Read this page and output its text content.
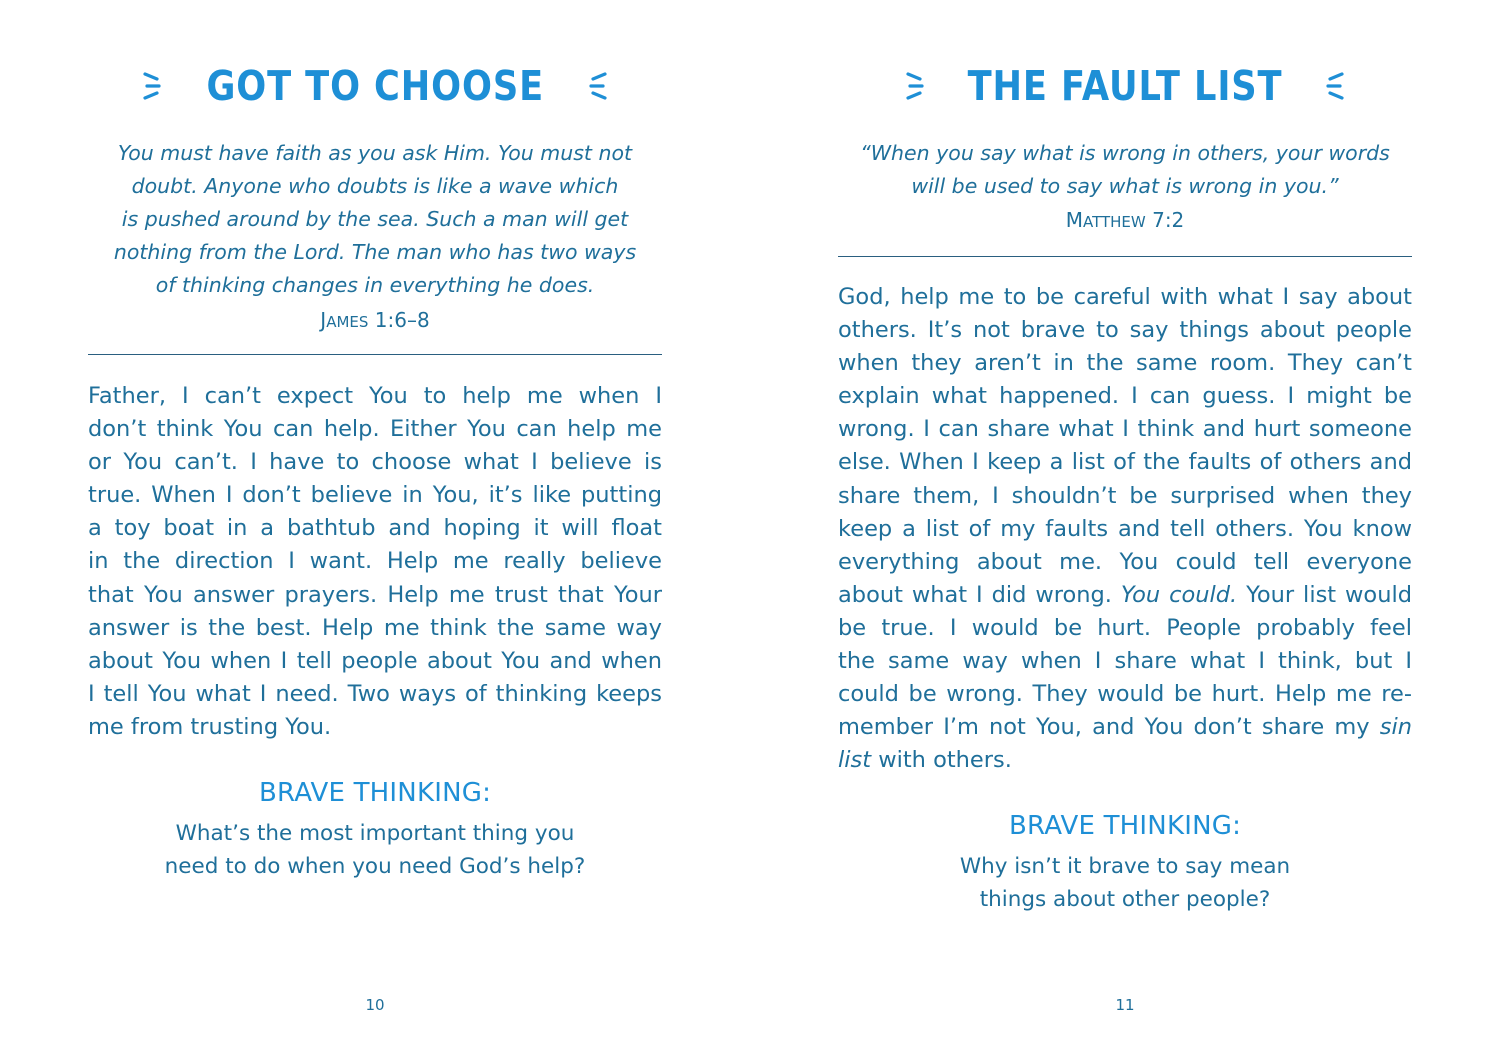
GOT TO CHOOSE

You must have faith as you ask Him. You must not

doubt. Anyone who doubts is like a wave which

is pushed around by the sea. Such a man will get

nothing from the Lord. The man who has two ways

of thinking changes in everything he does.

JAMES 1:6–8

Father, I can’t expect You to help me when I
don’t think You can help. Either You can help me
or You can’t. I have to choose what I believe is
true. When I don’t believe in You, it’s like putting
a toy boat in a bathtub and hoping it will float
in the direction I want. Help me really believe
that You answer prayers. Help me trust that Your
answer is the best. Help me think the same way
about You when I tell people about You and when
I tell You what I need. Two ways of thinking keeps
me from trusting You.

BRAVE THINKING:

What’s the most important thing you

need to do when you need God’s help?

10
THE FAULT LIST

“When you say what is wrong in others, your words

will be used to say what is wrong in you.”

MATTHEW 7:2

God, help me to be careful with what I say about
others. It’s not brave to say things about people
when they aren’t in the same room. They can’t
explain what happened. I can guess. I might be
wrong. I can share what I think and hurt someone
else. When I keep a list of the faults of others and
share them, I shouldn’t be surprised when they
keep a list of my faults and tell others. You know
everything about me. You could tell everyone
about what I did wrong. You could. Your list would
be true. I would be hurt. People probably feel
the same way when I share what I think, but I
could be wrong. They would be hurt. Help me re-
member I’m not You, and You don’t share my sin
list with others.

BRAVE THINKING:

Why isn’t it brave to say mean

things about other people?

11
